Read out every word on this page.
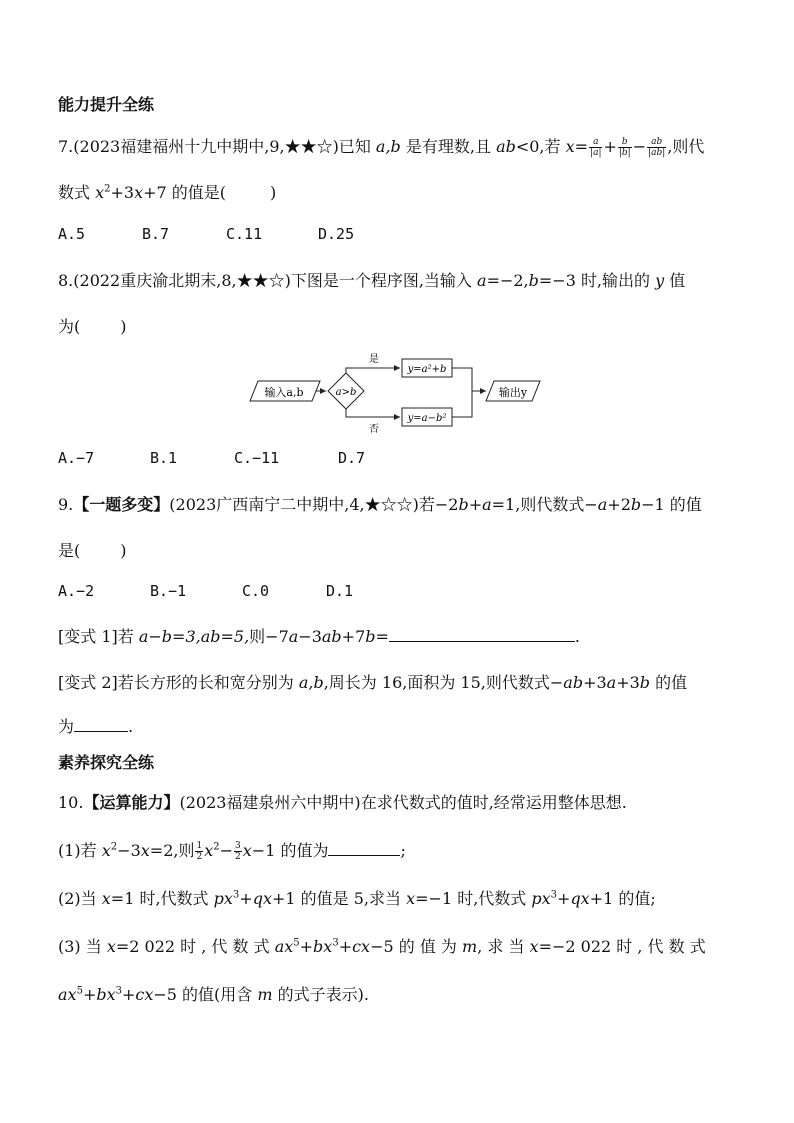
能力提升全练
7.(2023福建福州十九中期中,9,★★☆)已知 a,b 是有理数,且 ab<0,若 $x= \frac{a}{|a|} + \frac{b}{|b|} - \frac{ab}{|ab|}$ ,则代
数式 $x^2+3x+7$ 的值是(	)
A.5	B.7	C.11	D.25
8.(2022重庆渝北期末,8,★★☆)下图是一个程序图,当输入 a=−2,b=−3 时,输出的 y 值
为(	)
输入a,b	a>b
是
否
y=a²+b
y=a−b²
输出y
A.−7	B.1	C.−11	D.7
9.【一题多变】(2023广西南宁二中期中,4,★☆☆)若−2b+a=1,则代数式−a+2b−1 的值
是(	)
A.−2	B.−1	C.0	D.1
[变式 1]若 a−b=3,ab=5,则−7a−3ab+7b=	.
[变式 2]若长方形的长和宽分别为 a,b,周长为 16,面积为 15,则代数式−ab+3a+3b 的值
为	.
素养探究全练
10.【运算能力】(2023福建泉州六中期中)在求代数式的值时,经常运用整体思想.
(1)若 $x^2-3x=2$,则 $\frac{1}{2} x^2- \frac{3}{2} x-1$ 的值为	;
(2)当 x=1 时,代数式 $px^3+qx+1$ 的值是 5,求当 x=−1 时,代数式 $px^3+qx+1$ 的值;
(3) 当 x=2 022 时 , 代 数 式 $ax^5+bx^3+cx-5$ 的 值 为 m, 求 当 x=−2 022 时 , 代 数 式
$ax^5+bx^3+cx-5$ 的值(用含 m 的式子表示).
